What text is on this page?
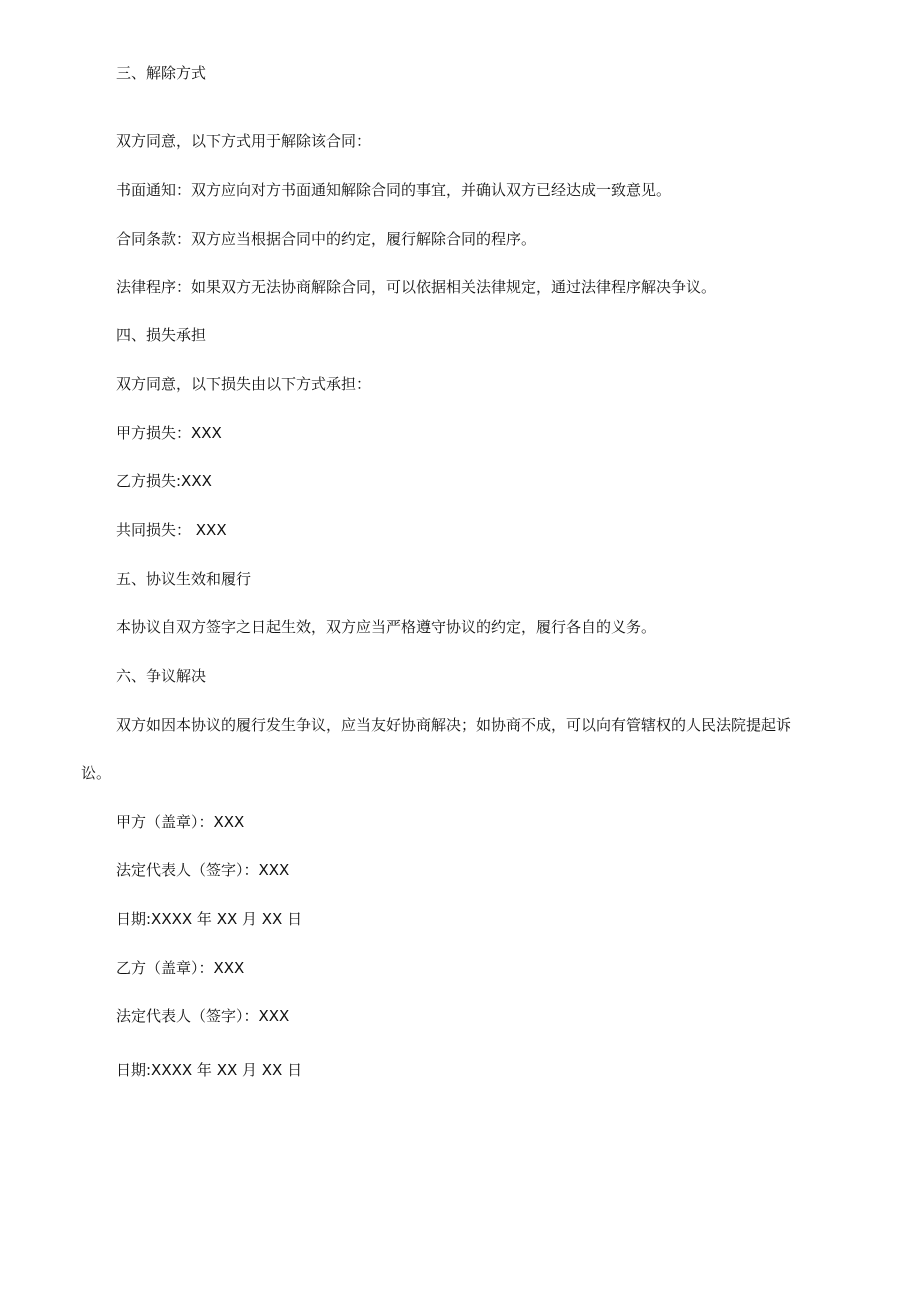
三、解除方式
双方同意，以下方式用于解除该合同：
书面通知：双方应向对方书面通知解除合同的事宜，并确认双方已经达成一致意见。
合同条款：双方应当根据合同中的约定，履行解除合同的程序。
法律程序：如果双方无法协商解除合同，可以依据相关法律规定，通过法律程序解决争议。
四、损失承担
双方同意，以下损失由以下方式承担：
甲方损失：XXX
乙方损失:XXX
共同损失： XXX
五、协议生效和履行
本协议自双方签字之日起生效，双方应当严格遵守协议的约定，履行各自的义务。
六、争议解决
双方如因本协议的履行发生争议，应当友好协商解决；如协商不成，可以向有管辖权的人民法院提起诉
讼。
甲方（盖章）：XXX
法定代表人（签字）：XXX
日期:XXXX 年 XX 月 XX 日
乙方（盖章）：XXX
法定代表人（签字）：XXX
日期:XXXX 年 XX 月 XX 日
